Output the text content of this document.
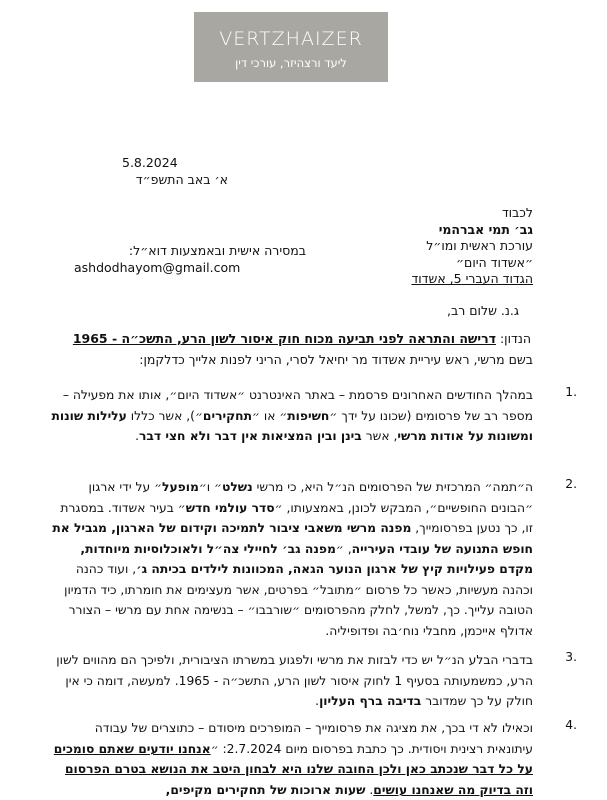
VERTZHAIZER
ליעד ורצהיזר, עורכי דין
5.8.2024
א׳ באב התשפ״ד
לכבוד
גב׳ תמי אברהמי
עורכת ראשית ומו״ל
״אשדוד היום״
הגדוד העברי 5, אשדוד
במסירה אישית ובאמצעות דוא״ל:
ashdodhayom@gmail.com
ג.נ. שלום רב,
הנדון: דרישה והתראה לפני תביעה מכוח חוק איסור לשון הרע, התשכ״ה - 1965
בשם מרשי, ראש עיריית אשדוד מר יחיאל לסרי, הריני לפנות אלייך כדלקמן:
1.
במהלך החודשים האחרונים פרסמת – באתר האינטרנט ״אשדוד היום״, אותו את מפעילה – מספר רב של פרסומים (שכונו על ידך ״חשיפות״ או ״תחקירים״), אשר כללו עלילות שונות ומשונות על אודות מרשי, אשר בינן ובין המציאות אין דבר ולא חצי דבר.
2.
ה״תמה״ המרכזית של הפרסומים הנ״ל היא, כי מרשי נשלט״ ו״מופעל״ על ידי ארגון ״הבונים החופשיים״, המבקש לכונן, באמצעותו, ״סדר עולמי חדש״ בעיר אשדוד. במסגרת זו, כך נטען בפרסומייך, מפנה מרשי משאבי ציבור לתמיכה וקידום של הארגון, מגביל את חופש התנועה של עובדי העירייה, ״מפנה גב׳ לחיילי צה״ל ולאוכלוסיות מיוחדות, מקדם פעילויות קיץ של ארגון הנוער הגאה, המכוונות לילדים בכיתה ג׳, ועוד כהנה וכהנה מעשיות, כאשר כל פרסום ״מתובל״ בפרטים, אשר מעצימים את חומרתו, כיד הדמיון הטובה עלייך. כך, למשל, לחלק מהפרסומים ״שורבבו״ – בנשימה אחת עם מרשי – הצורר אדולף אייכמן, מחבלי נוח׳בה ופדופיליה.
3.
בדברי הבלע הנ״ל יש כדי לבזות את מרשי ולפגוע במשרתו הציבורית, ולפיכך הם מהווים לשון הרע, כמשמעותה בסעיף 1 לחוק איסור לשון הרע, התשכ״ה - 1965. למעשה, דומה כי אין חולק על כך שמדובר בדיבה ברף העליון.
4.
וכאילו לא די בכך, את מציגה את פרסומייך – המופרכים מיסודם – כתוצרים של עבודה עיתונאית רצינית ויסודית. כך כתבת בפרסום מיום 2.7.2024: ״אנחנו יודעים שאתם סומכים על כל דבר שנכתב כאן ולכן החובה שלנו היא לבחון היטב את הנושא בטרם הפרסום וזה בדיוק מה שאנחנו עושים. שעות ארוכות של תחקירים מקיפים,
